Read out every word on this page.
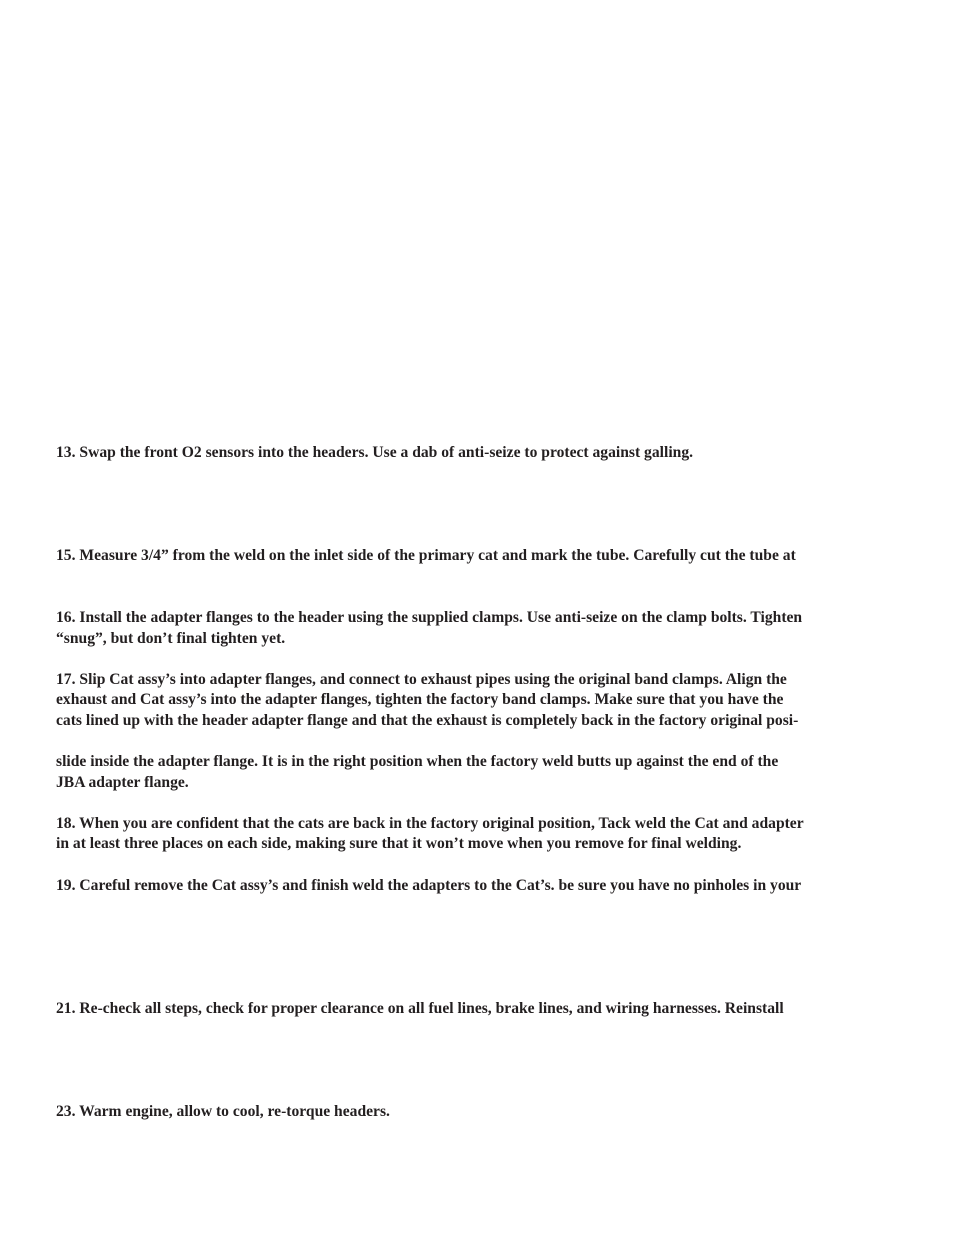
13. Swap the front O2 sensors into the headers. Use a dab of anti-seize to protect against galling.

15. Measure 3/4” from the weld on the inlet side of the primary cat and mark the tube. Carefully cut the tube at

16. Install the adapter flanges to the header using the supplied clamps. Use anti-seize on the clamp bolts. Tighten

“snug”, but don’t final tighten yet.

17. Slip Cat assy’s into adapter flanges, and connect to exhaust pipes using the original band clamps. Align the

exhaust and Cat assy’s into the adapter flanges, tighten the factory band clamps. Make sure that you have the

cats lined up with the header adapter flange and that the exhaust is completely back in the factory original posi-

slide inside the adapter flange. It is in the right position when the factory weld butts up against the end of the

JBA adapter flange.

18. When you are confident that the cats are back in the factory original position, Tack weld the Cat and adapter

in at least three places on each side, making sure that it won’t move when you remove for final welding.

19. Careful remove the Cat assy’s and finish weld the adapters to the Cat’s. be sure you have no pinholes in your

21. Re-check all steps, check for proper clearance on all fuel lines, brake lines, and wiring harnesses. Reinstall

23. Warm engine, allow to cool, re-torque headers.
